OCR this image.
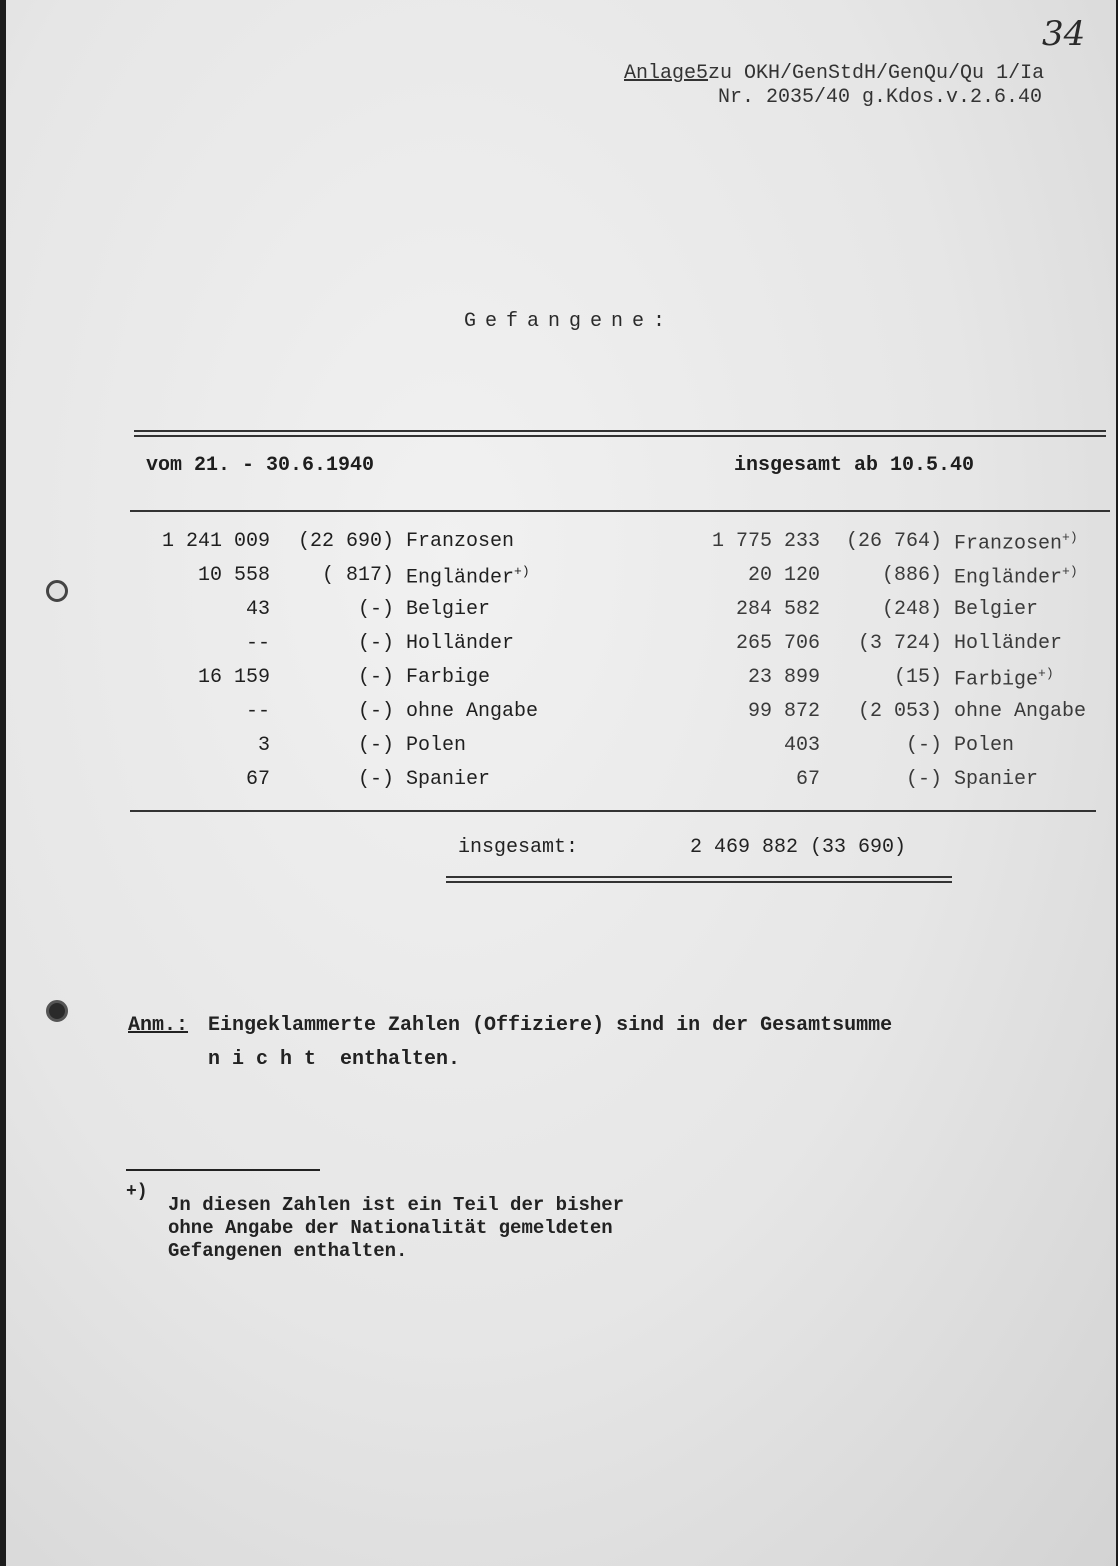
34
Anlage5zu OKH/GenStdH/GenQu/Qu 1/Ia
Nr. 2035/40 g.Kdos.v.2.6.40
Gefangene:
vom 21. - 30.6.1940	insgesamt ab 10.5.40
1 241 009	(22 690) Franzosen	1 775 233	(26 764) Franzosen+)
10 558	( 817) Engländer+)	20 120	(886) Engländer+)
43	(-) Belgier	284 582	(248) Belgier
--	(-) Holländer	265 706	(3 724) Holländer
16 159	(-) Farbige	23 899	(15) Farbige+)
--	(-) ohne Angabe	99 872	(2 053) ohne Angabe
3	(-) Polen	403	(-) Polen
67	(-) Spanier	67	(-) Spanier
insgesamt:	2 469 882 (33 690)
Anm.: Eingeklammerte Zahlen (Offiziere) sind in der Gesamtsumme
nicht enthalten.
+)
Jn diesen Zahlen ist ein Teil der bisher
ohne Angabe der Nationalität gemeldeten
Gefangenen enthalten.
